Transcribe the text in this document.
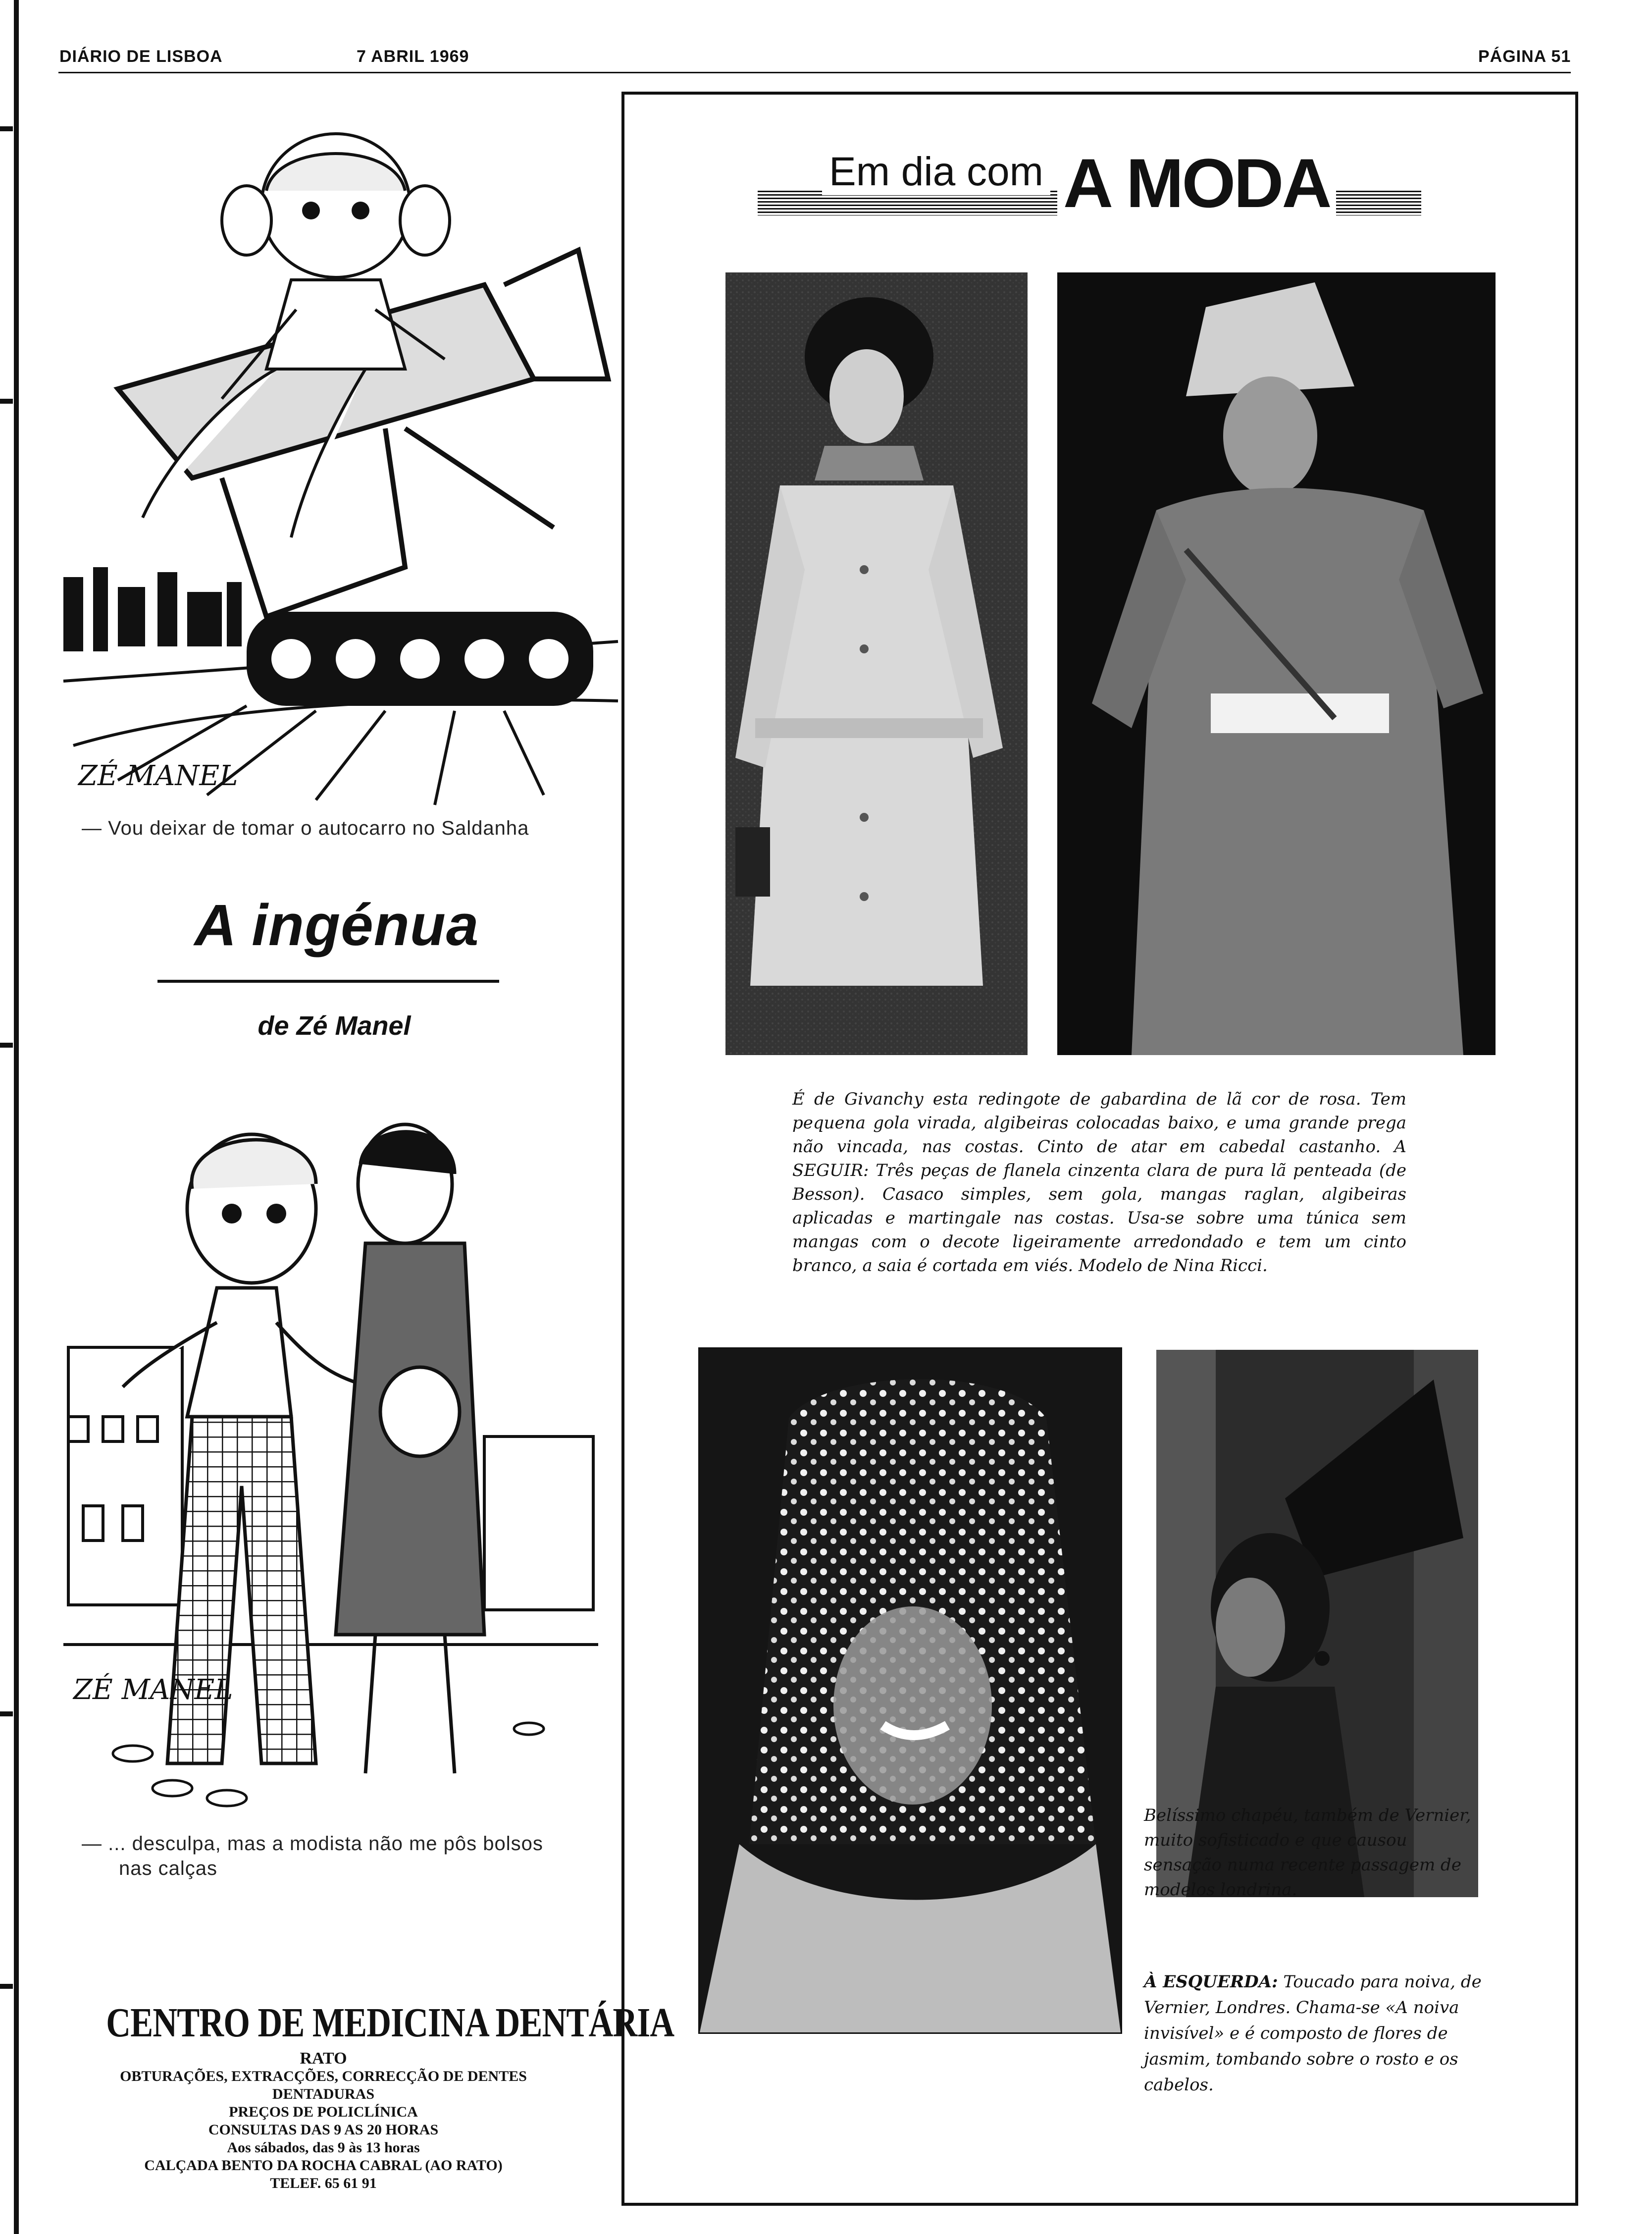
DIÁRIO DE LISBOA	7 ABRIL 1969	PÁGINA 51
ZÉ MANEL
— Vou deixar de tomar o autocarro no Saldanha
A ingénua
de Zé Manel
ZÉ MANEL
— ... desculpa, mas a modista não me pôs bolsos
nas calças
CENTRO DE MEDICINA DENTÁRIA
RATO
OBTURAÇÕES, EXTRACÇÕES, CORRECÇÃO DE DENTES
DENTADURAS
PREÇOS DE POLICLÍNICA
CONSULTAS DAS 9 AS 20 HORAS
Aos sábados, das 9 às 13 horas
CALÇADA BENTO DA ROCHA CABRAL (AO RATO)
TELEF. 65 61 91
Em dia com A MODA
É de Givanchy esta redingote de gabardina de lã cor de rosa. Tem pequena gola virada, algibeiras colocadas baixo, e uma grande prega não vincada, nas costas. Cinto de atar em cabedal castanho. A SEGUIR: Três peças de flanela cinzenta clara de pura lã penteada (de Besson). Casaco simples, sem gola, mangas raglan, algibeiras aplicadas e martingale nas costas. Usa-se sobre uma túnica sem mangas com o decote ligeiramente arredondado e tem um cinto branco, a saia é cortada em viés. Modelo de Nina Ricci.
Belíssimo chapéu, também de Vernier, muito sofisticado e que causou sensação numa recente passagem de modelos londrina.
À ESQUERDA: Toucado para noiva, de Vernier, Londres. Chama-se «A noiva invisível» e é composto de flores de jasmim, tombando sobre o rosto e os cabelos.
